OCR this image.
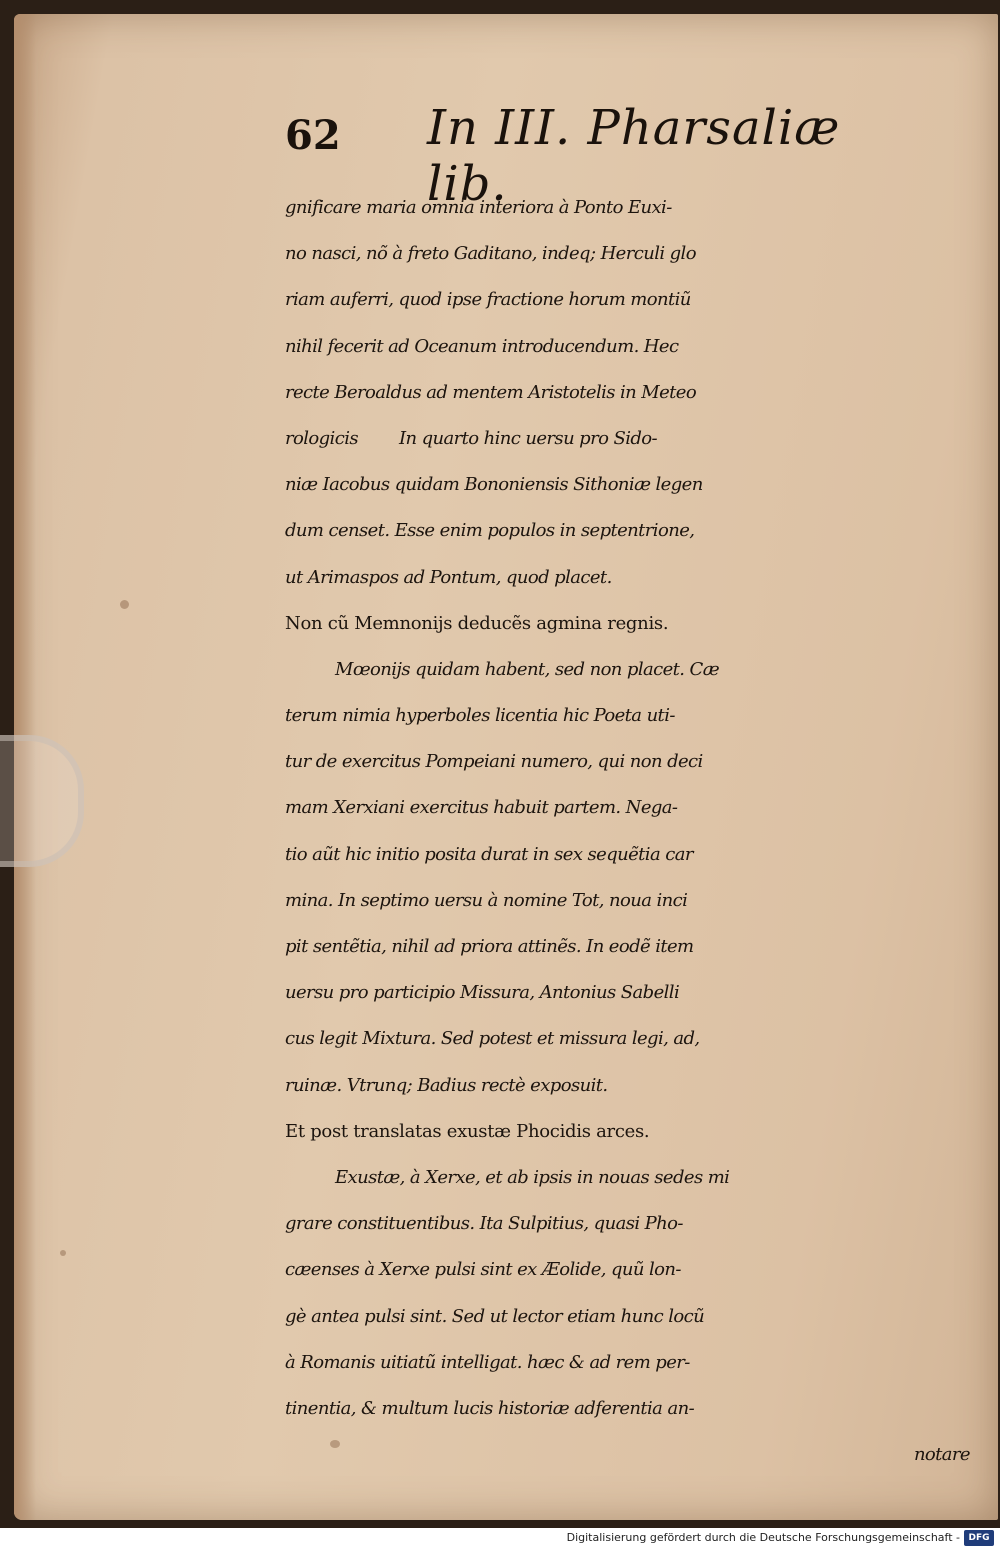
62 In III. Pharsaliæ lib.
gnificare maria omnia interiora à Ponto Euxi-
no nasci, nõ à freto Gaditano, indeq; Herculi glo
riam auferri, quod ipse fractione horum montiũ
nihil fecerit ad Oceanum introducendum. Hec
recte Beroaldus ad mentem Aristotelis in Meteo
rologicis        In quarto hinc uersu pro Sido-
niæ Iacobus quidam Bononiensis Sithoniæ legen
dum censet. Esse enim populos in septentrione,
ut Arimaspos ad Pontum, quod placet.
Non cũ Memnonijs deducẽs agmina regnis.
Mœonijs quidam habent, sed non placet. Cæ
terum nimia hyperboles licentia hic Poeta uti-
tur de exercitus Pompeiani numero, qui non deci
mam Xerxiani exercitus habuit partem. Nega-
tio aũt hic initio posita durat in sex sequẽtia car
mina. In septimo uersu à nomine Tot, noua inci
pit sentẽtia, nihil ad priora attinẽs. In eodẽ item
uersu pro participio Missura, Antonius Sabelli
cus legit Mixtura. Sed potest et missura legi, ad,
ruinæ. Vtrunq; Badius rectè exposuit.
Et post translatas exustæ Phocidis arces.
Exustæ, à Xerxe, et ab ipsis in nouas sedes mi
grare constituentibus. Ita Sulpitius, quasi Pho-
cæenses à Xerxe pulsi sint ex Æolide, quũ lon-
gè antea pulsi sint. Sed ut lector etiam hunc locũ
à Romanis uitiatũ intelligat. hæc & ad rem per-
tinentia, & multum lucis historiæ adferentia an-
notare
Digitalisierung gefördert durch die Deutsche Forschungsgemeinschaft - DFG
